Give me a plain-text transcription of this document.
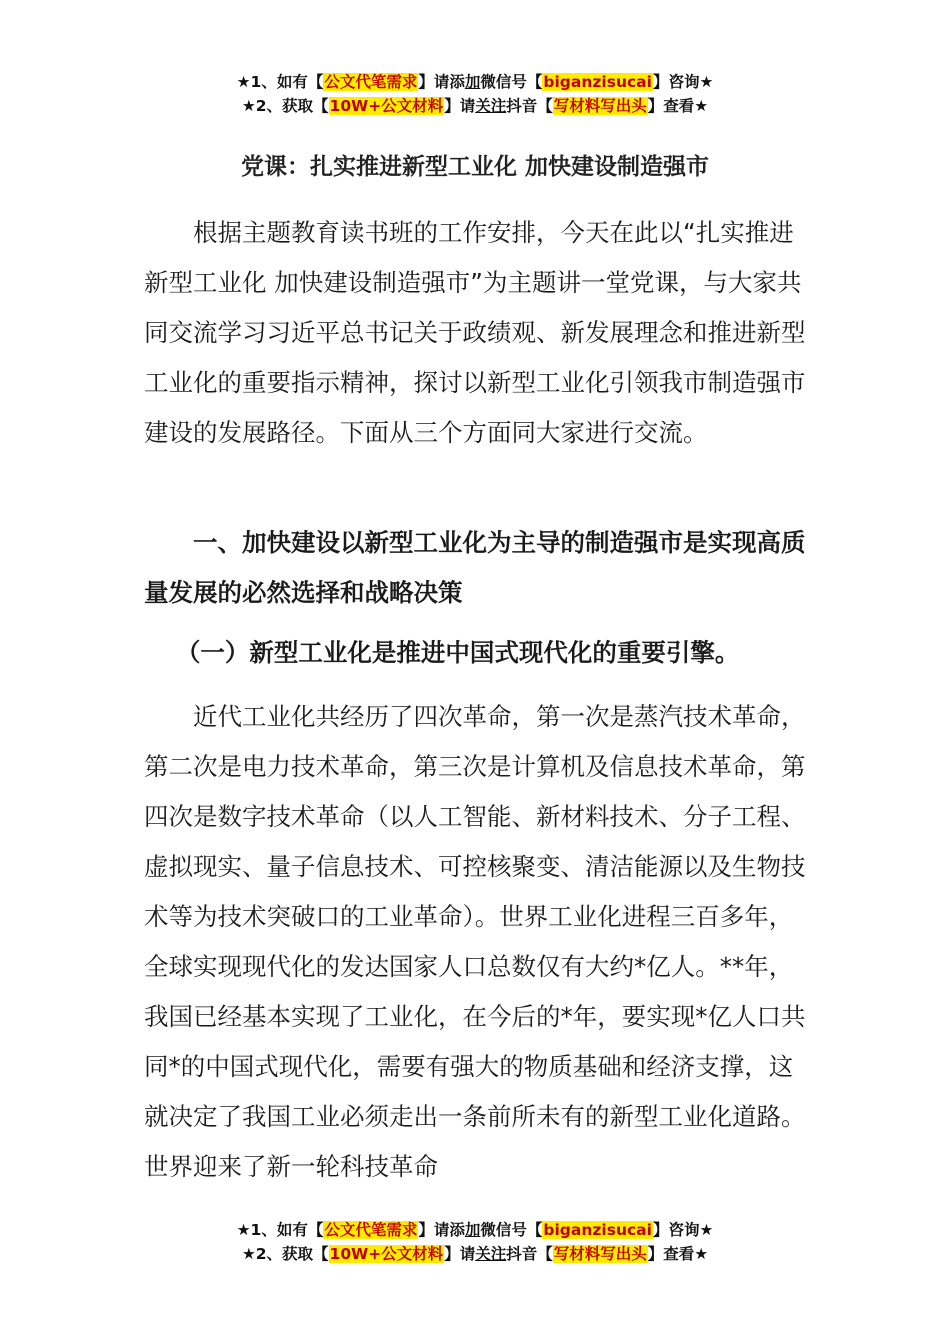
★1、如有【公文代笔需求】请添加微信号【biganzisucai】咨询★
★2、获取【10W+公文材料】请关注抖音【写材料写出头】查看★
党课：扎实推进新型工业化 加快建设制造强市

根据主题教育读书班的工作安排，今天在此以“扎实推进新型工业化 加快建设制造强市”为主题讲一堂党课，与大家共同交流学习习近平总书记关于政绩观、新发展理念和推进新型工业化的重要指示精神，探讨以新型工业化引领我市制造强市建设的发展路径。下面从三个方面同大家进行交流。

一、加快建设以新型工业化为主导的制造强市是实现高质量发展的必然选择和战略决策

（一）新型工业化是推进中国式现代化的重要引擎。

近代工业化共经历了四次革命，第一次是蒸汽技术革命，第二次是电力技术革命，第三次是计算机及信息技术革命，第四次是数字技术革命（以人工智能、新材料技术、分子工程、虚拟现实、量子信息技术、可控核聚变、清洁能源以及生物技术等为技术突破口的工业革命）。世界工业化进程三百多年，全球实现现代化的发达国家人口总数仅有大约*亿人。**年，我国已经基本实现了工业化，在今后的*年，要实现*亿人口共同*的中国式现代化，需要有强大的物质基础和经济支撑，这就决定了我国工业必须走出一条前所未有的新型工业化道路。世界迎来了新一轮科技革命

★1、如有【公文代笔需求】请添加微信号【biganzisucai】咨询★
★2、获取【10W+公文材料】请关注抖音【写材料写出头】查看★
